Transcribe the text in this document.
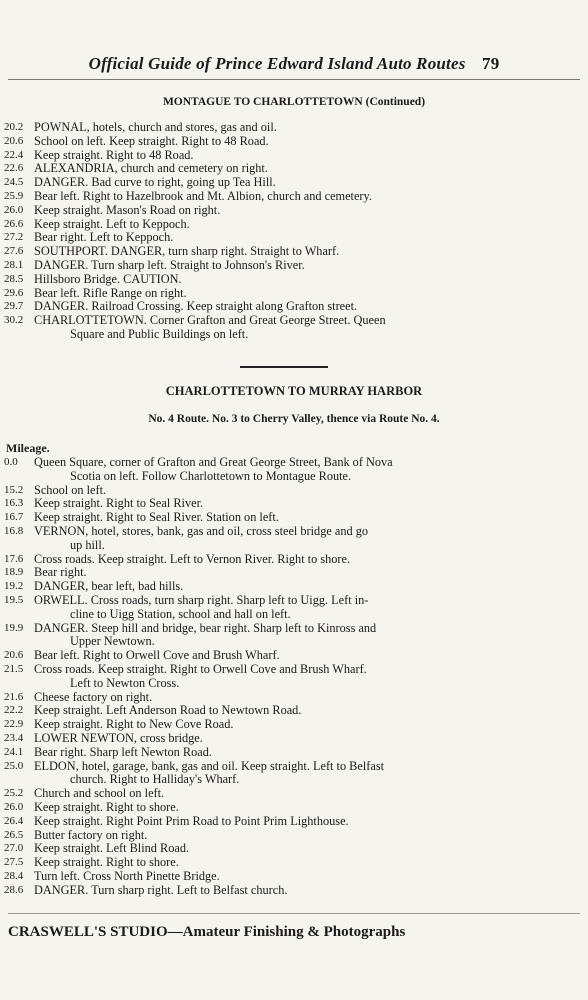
Official Guide of Prince Edward Island Auto Routes 79
MONTAGUE TO CHARLOTTETOWN (Continued)
20.2 POWNAL, hotels, church and stores, gas and oil.
20.6 School on left. Keep straight. Right to 48 Road.
22.4 Keep straight. Right to 48 Road.
22.6 ALEXANDRIA, church and cemetery on right.
24.5 DANGER. Bad curve to right, going up Tea Hill.
25.9 Bear left. Right to Hazelbrook and Mt. Albion, church and cemetery.
26.0 Keep straight. Mason's Road on right.
26.6 Keep straight. Left to Keppoch.
27.2 Bear right. Left to Keppoch.
27.6 SOUTHPORT. DANGER, turn sharp right. Straight to Wharf.
28.1 DANGER. Turn sharp left. Straight to Johnson's River.
28.5 Hillsboro Bridge. CAUTION.
29.6 Bear left. Rifle Range on right.
29.7 DANGER. Railroad Crossing. Keep straight along Grafton street.
30.2 CHARLOTTETOWN. Corner Grafton and Great George Street. Queen
Square and Public Buildings on left.
CHARLOTTETOWN TO MURRAY HARBOR
No. 4 Route. No. 3 to Cherry Valley, thence via Route No. 4.
Mileage.
0.0	Queen Square, corner of Grafton and Great George Street, Bank of Nova
Scotia on left. Follow Charlottetown to Montague Route.
15.2 School on left.
16.3 Keep straight. Right to Seal River.
16.7 Keep straight. Right to Seal River. Station on left.
16.8 VERNON, hotel, stores, bank, gas and oil, cross steel bridge and go
up hill.
17.6 Cross roads. Keep straight. Left to Vernon River. Right to shore.
18.9 Bear right.
19.2 DANGER, bear left, bad hills.
19.5 ORWELL. Cross roads, turn sharp right. Sharp left to Uigg. Left in-
cline to Uigg Station, school and hall on left.
19.9 DANGER. Steep hill and bridge, bear right. Sharp left to Kinross and
Upper Newtown.
20.6 Bear left. Right to Orwell Cove and Brush Wharf.
21.5 Cross roads. Keep straight. Right to Orwell Cove and Brush Wharf.
Left to Newton Cross.
21.6 Cheese factory on right.
22.2 Keep straight. Left Anderson Road to Newtown Road.
22.9 Keep straight. Right to New Cove Road.
23.4 LOWER NEWTON, cross bridge.
24.1 Bear right. Sharp left Newton Road.
25.0 ELDON, hotel, garage, bank, gas and oil. Keep straight. Left to Belfast
church. Right to Halliday's Wharf.
25.2 Church and school on left.
26.0 Keep straight. Right to shore.
26.4 Keep straight. Right Point Prim Road to Point Prim Lighthouse.
26.5 Butter factory on right.
27.0 Keep straight. Left Blind Road.
27.5 Keep straight. Right to shore.
28.4 Turn left. Cross North Pinette Bridge.
28.6 DANGER. Turn sharp right. Left to Belfast church.
CRASWELL'S STUDIO—Amateur Finishing & Photographs
